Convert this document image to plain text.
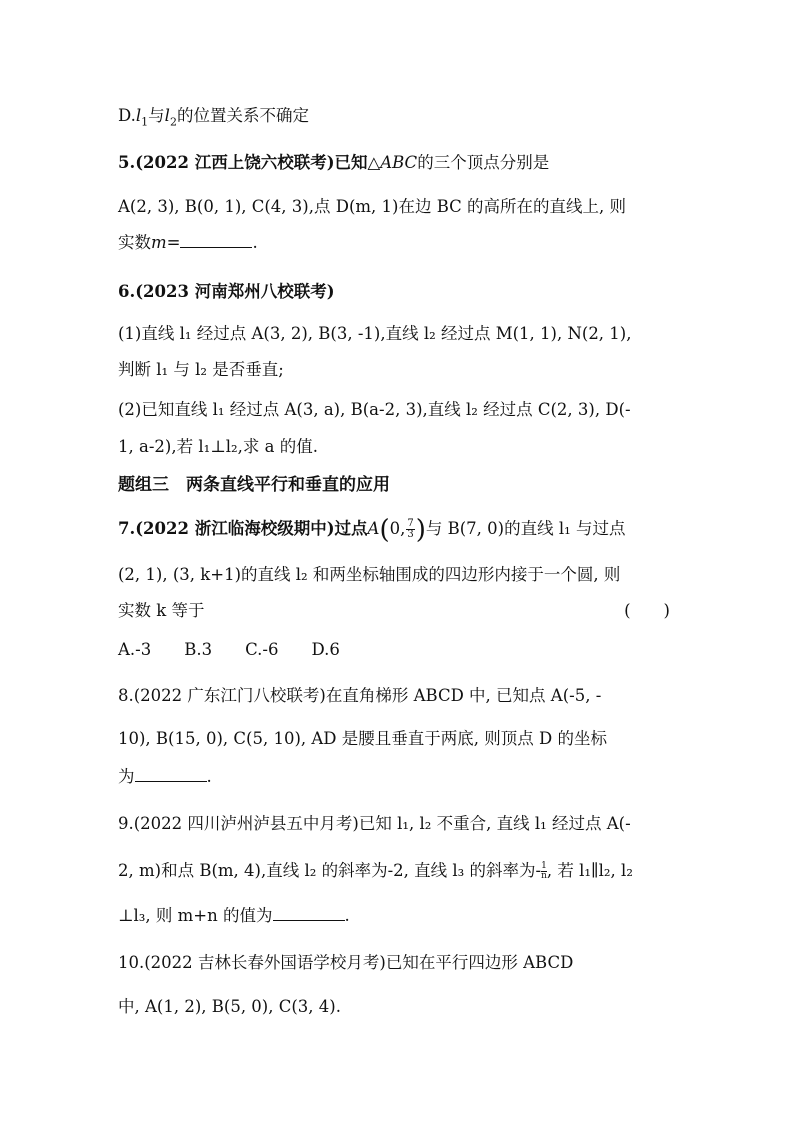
$D.l_1$与$l_2$的位置关系不确定
5.(2022 江西上饶六校联考)已知△ABC的三个顶点分别是
A(2, 3), B(0, 1), C(4, 3),点 D(m, 1)在边 BC 的高所在的直线上, 则
实数m=	.
6.(2023 河南郑州八校联考)
(1)直线 l₁ 经过点 A(3, 2), B(3, -1),直线 l₂ 经过点 M(1, 1), N(2, 1),
判断 l₁ 与 l₂ 是否垂直;
(2)已知直线 l₁ 经过点 A(3, a), B(a-2, 3),直线 l₂ 经过点 C(2, 3), D(-
1, a-2),若 l₁⊥l₂,求 a 的值.
题组三　两条直线平行和垂直的应用
7.(2022 浙江临海校级期中)过点A(0, $\frac{7}{3}$ )与 B(7, 0)的直线 l₁ 与过点
(2, 1), (3, k+1)的直线 l₂ 和两坐标轴围成的四边形内接于一个圆, 则
实数 k 等于	(　　)
A.-3　　B.3　　C.-6　　D.6
8.(2022 广东江门八校联考)在直角梯形 ABCD 中, 已知点 A(-5, -
10), B(15, 0), C(5, 10), AD 是腰且垂直于两底, 则顶点 D 的坐标
为	.
9.(2022 四川泸州泸县五中月考)已知 l₁, l₂ 不重合, 直线 l₁ 经过点 A(-
2, m)和点 B(m, 4),直线 l₂ 的斜率为-2, 直线 l₃ 的斜率为- $\frac{1}{n}$ , 若 l₁∥l₂, l₂
⊥l₃, 则 m+n 的值为	.
10.(2022 吉林长春外国语学校月考)已知在平行四边形 ABCD
中, A(1, 2), B(5, 0), C(3, 4).
